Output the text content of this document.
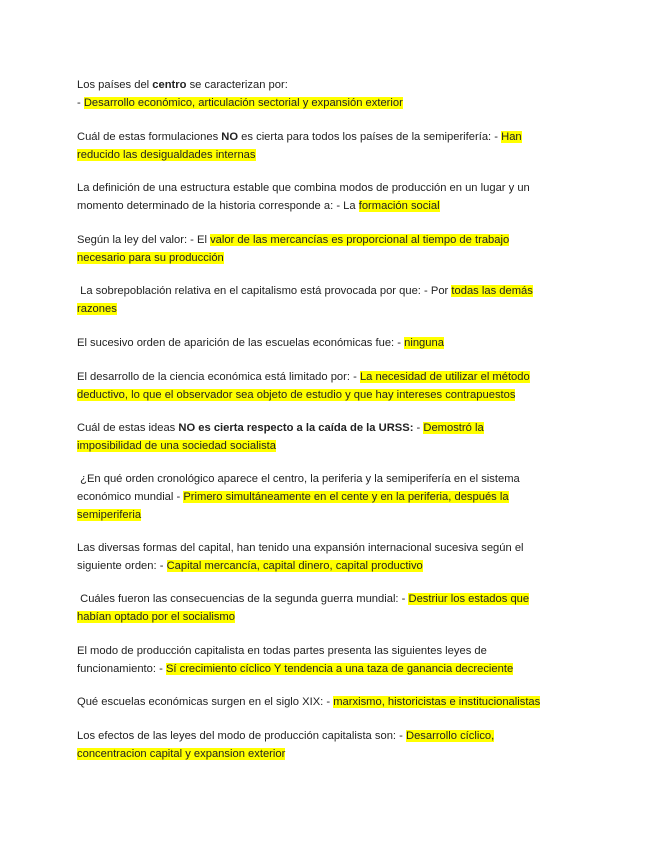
Los países del centro se caracterizan por:
- Desarrollo económico, articulación sectorial y expansión exterior
Cuál de estas formulaciones NO es cierta para todos los países de la semiperifería: - Han
reducido las desigualdades internas
La definición de una estructura estable que combina modos de producción en un lugar y un
momento determinado de la historia corresponde a: - La formación social
Según la ley del valor: - El valor de las mercancías es proporcional al tiempo de trabajo
necesario para su producción
La sobrepoblación relativa en el capitalismo está provocada por que: - Por todas las demás
razones
El sucesivo orden de aparición de las escuelas económicas fue: - ninguna
El desarrollo de la ciencia económica está limitado por: - La necesidad de utilizar el método
deductivo, lo que el observador sea objeto de estudio y que hay intereses contrapuestos
Cuál de estas ideas NO es cierta respecto a la caída de la URSS: - Demostró la
imposibilidad de una sociedad socialista
¿En qué orden cronológico aparece el centro, la periferia y la semiperifería en el sistema
económico mundial - Primero simultáneamente en el cente y en la periferia, después la
semiperiferia
Las diversas formas del capital, han tenido una expansión internacional sucesiva según el
siguiente orden: - Capital mercancía, capital dinero, capital productivo
Cuáles fueron las consecuencias de la segunda guerra mundial: - Destriur los estados que
habían optado por el socialismo
El modo de producción capitalista en todas partes presenta las siguientes leyes de
funcionamiento: - Sí crecimiento cíclico Y tendencia a una taza de ganancia decreciente
Qué escuelas económicas surgen en el siglo XIX: - marxismo, historicistas e institucionalistas
Los efectos de las leyes del modo de producción capitalista son: - Desarrollo cíclico,
concentracion capital y expansion exterior
